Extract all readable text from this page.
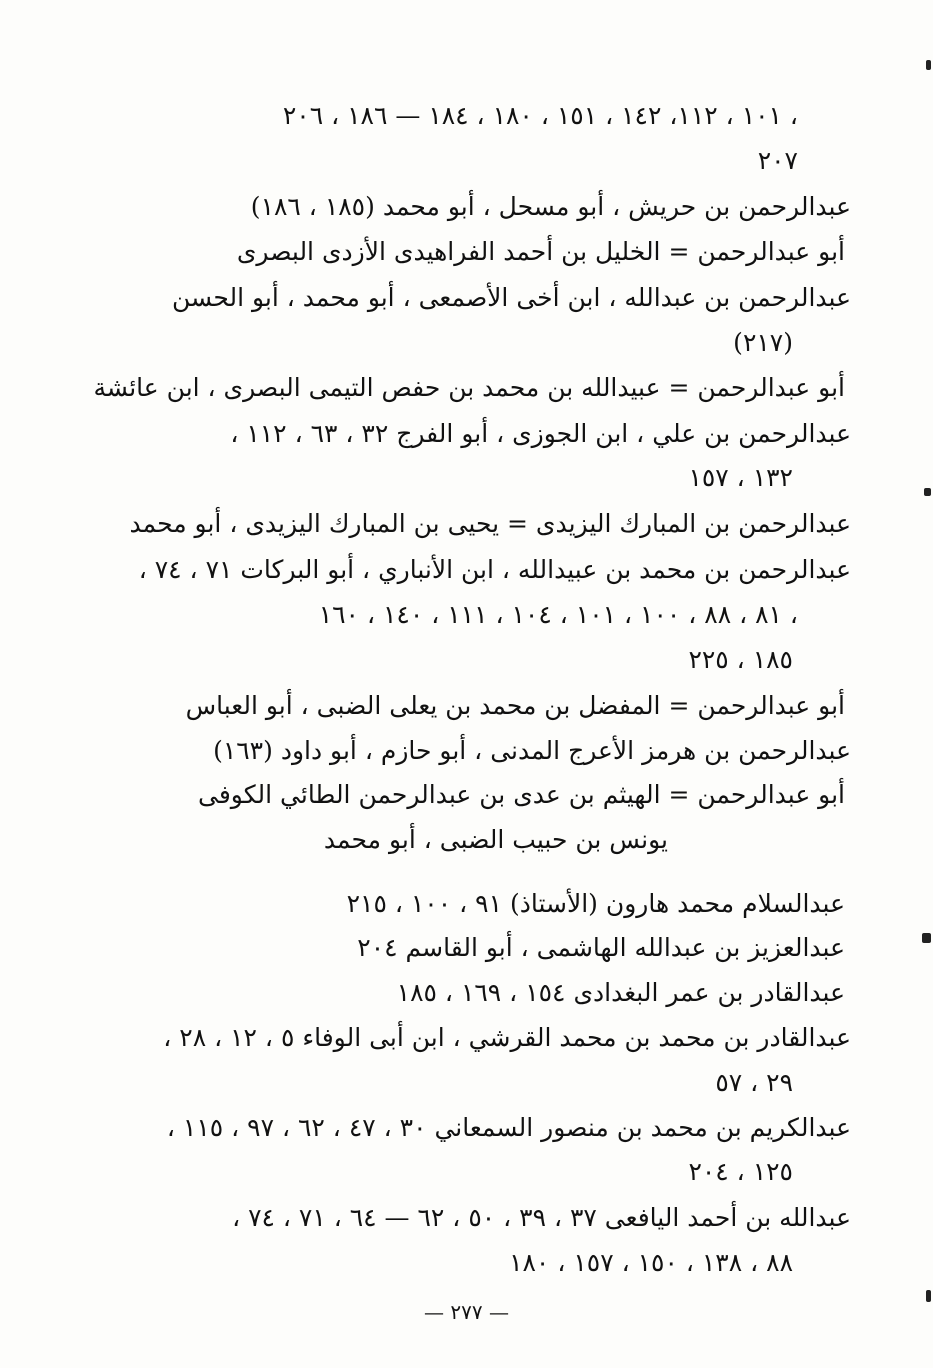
١٠١ ، ١١٢، ١٤٢ ، ١٥١ ، ١٨٠ ، ١٨٤ — ١٨٦ ، ٢٠٦ ،
٢٠٧
عبدالرحمن بن حريش ، أبو مسحل ، أبو محمد (١٨٥ ، ١٨٦)
أبو عبدالرحمن = الخليل بن أحمد الفراهيدى الأزدى البصرى
عبدالرحمن بن عبدالله ، ابن أخى الأصمعى ، أبو محمد ، أبو الحسن
(٢١٧)
أبو عبدالرحمن = عبيدالله بن محمد بن حفص التيمى البصرى ، ابن عائشة
عبدالرحمن بن علي ، ابن الجوزى ، أبو الفرج ٣٢ ، ٦٣ ، ١١٢ ،
١٣٢ ، ١٥٧
عبدالرحمن بن المبارك اليزيدى = يحيى بن المبارك اليزيدى ، أبو محمد
عبدالرحمن بن محمد بن عبيدالله ، ابن الأنباري ، أبو البركات ٧١ ، ٧٤ ،
٨١ ، ٨٨ ، ١٠٠ ، ١٠١ ، ١٠٤ ، ١١١ ، ١٤٠ ، ١٦٠ ،
١٨٥ ، ٢٢٥
أبو عبدالرحمن = المفضل بن محمد بن يعلى الضبى ، أبو العباس
عبدالرحمن بن هرمز الأعرج المدنى ، أبو حازم ، أبو داود (١٦٣)
أبو عبدالرحمن = الهيثم بن عدى بن عبدالرحمن الطائي الكوفى
يونس بن حبيب الضبى ، أبو محمد
عبدالسلام محمد هارون (الأستاذ) ٩١ ، ١٠٠ ، ٢١٥
عبدالعزيز بن عبدالله الهاشمى ، أبو القاسم ٢٠٤
عبدالقادر بن عمر البغدادى ١٥٤ ، ١٦٩ ، ١٨٥
عبدالقادر بن محمد بن محمد القرشي ، ابن أبى الوفاء ٥ ، ١٢ ، ٢٨ ،
٢٩ ، ٥٧
عبدالكريم بن محمد بن منصور السمعاني ٣٠ ، ٤٧ ، ٦٢ ، ٩٧ ، ١١٥ ،
١٢٥ ، ٢٠٤
عبدالله بن أحمد اليافعى ٣٧ ، ٣٩ ، ٥٠ ، ٦٢ — ٦٤ ، ٧١ ، ٧٤ ،
٨٨ ، ١٣٨ ، ١٥٠ ، ١٥٧ ، ١٨٠
— ٢٧٧ —
